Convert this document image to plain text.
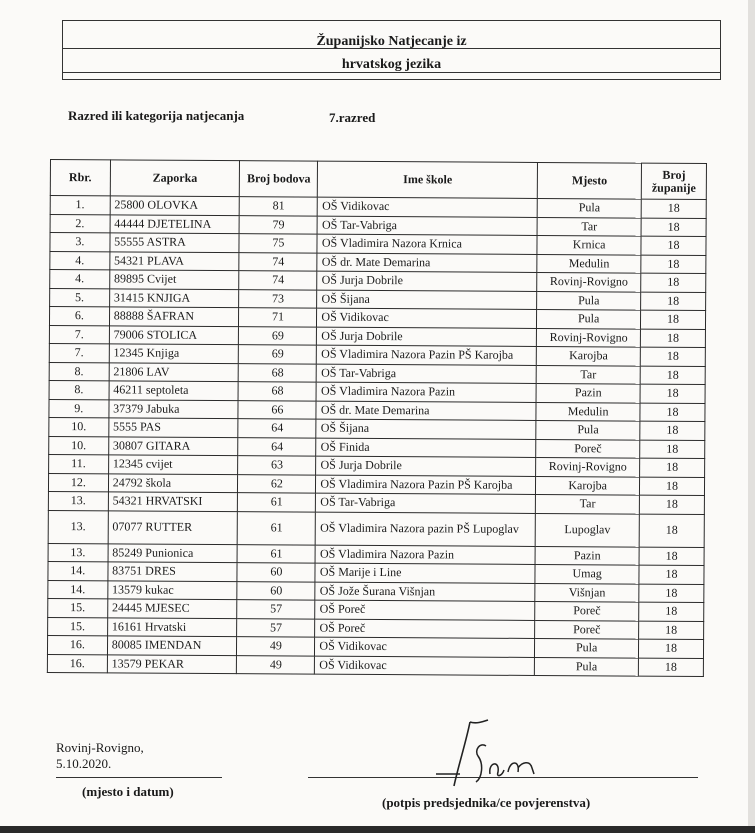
Županijsko Natjecanje iz
hrvatskog jezika
Razred ili kategorija natjecanja	7.razred
Rbr.	Zaporka	Broj bodova	Ime škole	Mjesto	Broj županije
1.	25800 OLOVKA	81	OŠ Vidikovac	Pula	18
2.	44444 DJETELINA	79	OŠ Tar-Vabriga	Tar	18
3.	55555 ASTRA	75	OŠ Vladimira Nazora Krnica	Krnica	18
4.	54321 PLAVA	74	OŠ dr. Mate Demarina	Medulin	18
4.	89895 Cvijet	74	OŠ Jurja Dobrile	Rovinj-Rovigno	18
5.	31415 KNJIGA	73	OŠ Šijana	Pula	18
6.	88888 ŠAFRAN	71	OŠ Vidikovac	Pula	18
7.	79006 STOLICA	69	OŠ Jurja Dobrile	Rovinj-Rovigno	18
7.	12345 Knjiga	69	OŠ Vladimira Nazora Pazin PŠ Karojba	Karojba	18
8.	21806 LAV	68	OŠ Tar-Vabriga	Tar	18
8.	46211 septoleta	68	OŠ Vladimira Nazora Pazin	Pazin	18
9.	37379 Jabuka	66	OŠ dr. Mate Demarina	Medulin	18
10.	5555 PAS	64	OŠ Šijana	Pula	18
10.	30807 GITARA	64	OŠ Finida	Poreč	18
11.	12345 cvijet	63	OŠ Jurja Dobrile	Rovinj-Rovigno	18
12.	24792 škola	62	OŠ Vladimira Nazora Pazin PŠ Karojba	Karojba	18
13.	54321 HRVATSKI	61	OŠ Tar-Vabriga	Tar	18
13.	07077 RUTTER	61	OŠ Vladimira Nazora pazin PŠ Lupoglav	Lupoglav	18
13.	85249 Punionica	61	OŠ Vladimira Nazora Pazin	Pazin	18
14.	83751 DRES	60	OŠ Marije i Line	Umag	18
14.	13579 kukac	60	OŠ Jože Šurana Višnjan	Višnjan	18
15.	24445 MJESEC	57	OŠ Poreč	Poreč	18
15.	16161 Hrvatski	57	OŠ Poreč	Poreč	18
16.	80085 IMENDAN	49	OŠ Vidikovac	Pula	18
16.	13579 PEKAR	49	OŠ Vidikovac	Pula	18
Rovinj-Rovigno,
5.10.2020.
(mjesto i datum)
(potpis predsjednika/ce povjerenstva)
